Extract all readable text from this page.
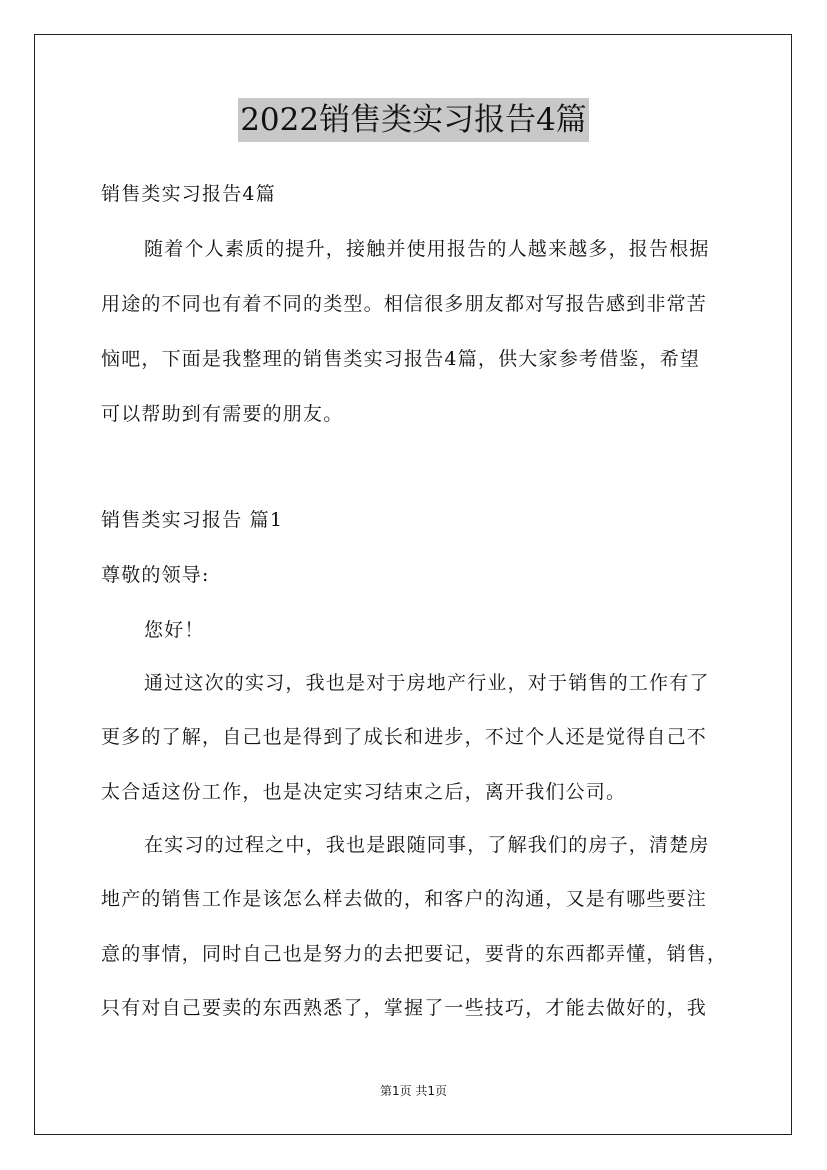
2022销售类实习报告4篇
销售类实习报告4篇
随着个人素质的提升，接触并使用报告的人越来越多，报告根据
用途的不同也有着不同的类型。相信很多朋友都对写报告感到非常苦
恼吧，下面是我整理的销售类实习报告4篇，供大家参考借鉴，希望
可以帮助到有需要的朋友。
销售类实习报告 篇1
尊敬的领导:
您好！
通过这次的实习，我也是对于房地产行业，对于销售的工作有了
更多的了解，自己也是得到了成长和进步，不过个人还是觉得自己不
太合适这份工作，也是决定实习结束之后，离开我们公司。
在实习的过程之中，我也是跟随同事，了解我们的房子，清楚房
地产的销售工作是该怎么样去做的，和客户的沟通，又是有哪些要注
意的事情，同时自己也是努力的去把要记，要背的东西都弄懂，销售，
只有对自己要卖的东西熟悉了，掌握了一些技巧，才能去做好的，我
第1页 共1页
